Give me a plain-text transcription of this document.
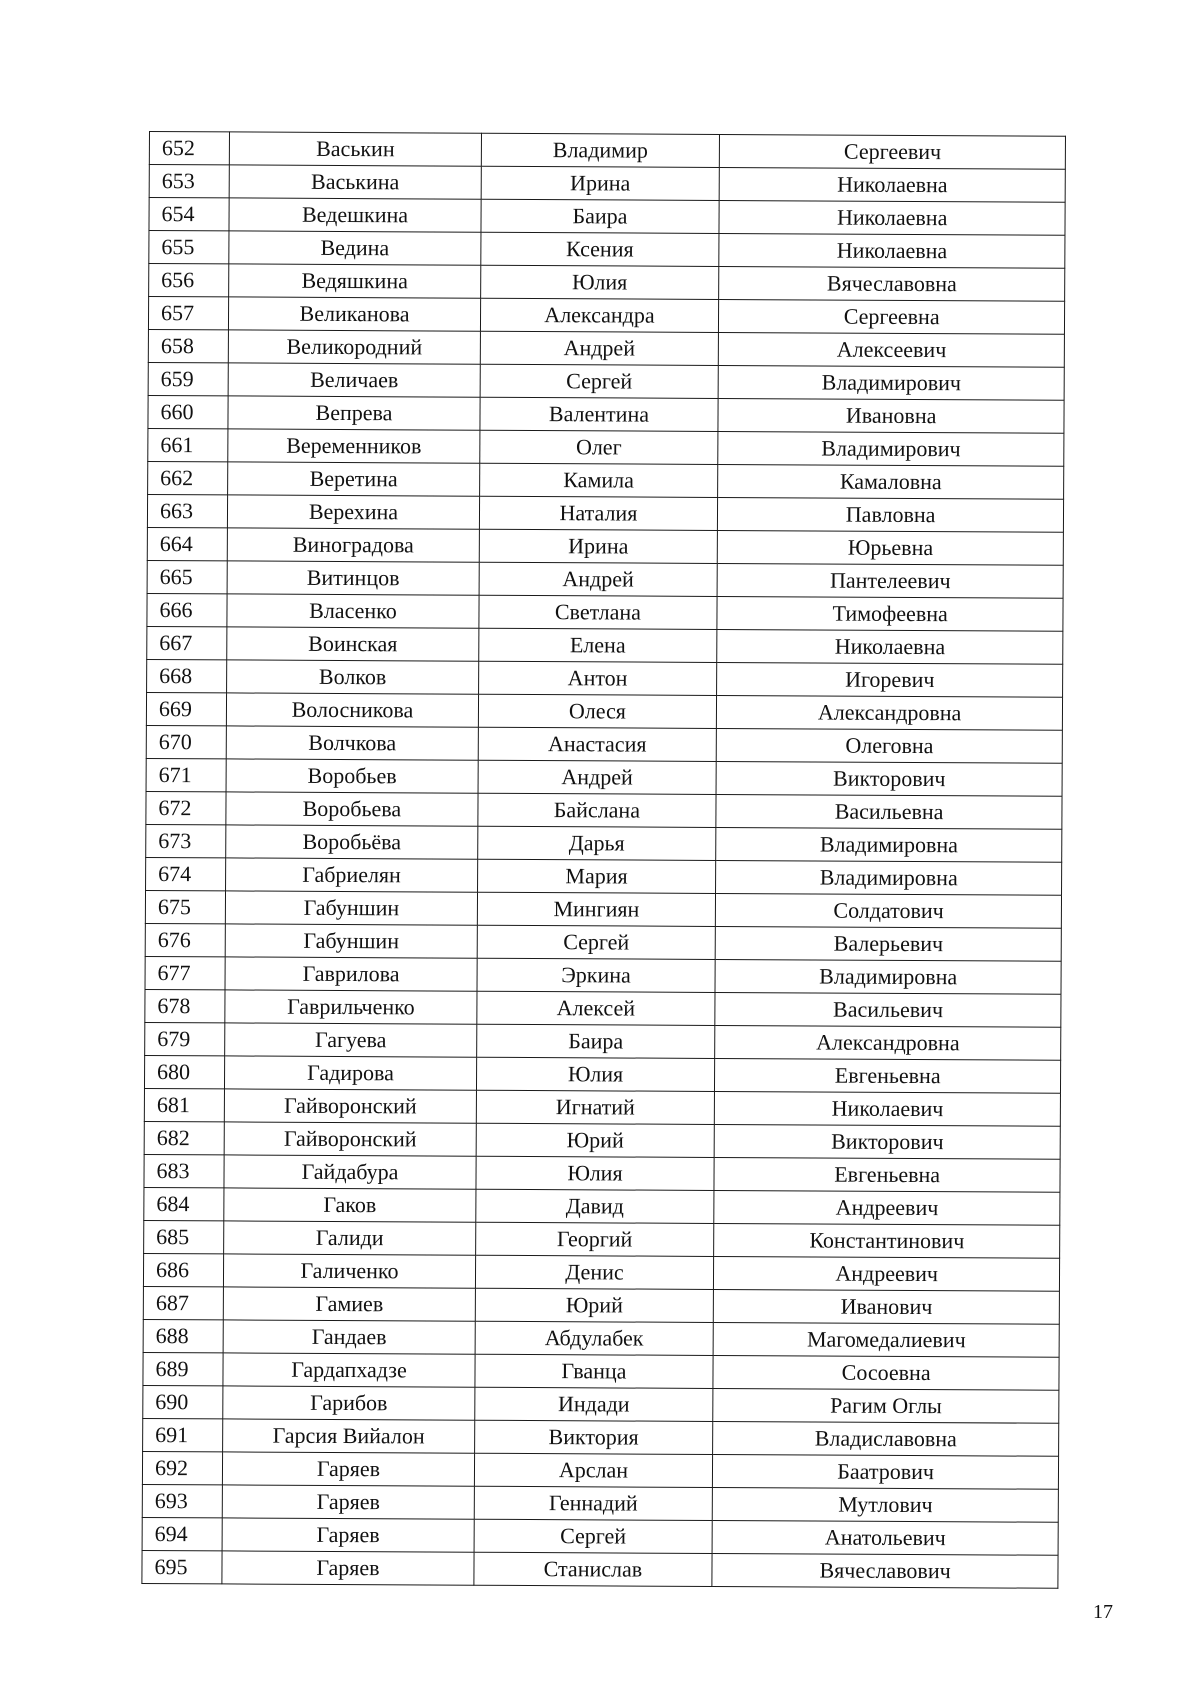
652	Васькин	Владимир	Сергеевич
653	Васькина	Ирина	Николаевна
654	Ведешкина	Баира	Николаевна
655	Ведина	Ксения	Николаевна
656	Ведяшкина	Юлия	Вячеславовна
657	Великанова	Александра	Сергеевна
658	Великородний	Андрей	Алексеевич
659	Величаев	Сергей	Владимирович
660	Вепрева	Валентина	Ивановна
661	Веременников	Олег	Владимирович
662	Веретина	Камила	Камаловна
663	Верехина	Наталия	Павловна
664	Виноградова	Ирина	Юрьевна
665	Витинцов	Андрей	Пантелеевич
666	Власенко	Светлана	Тимофеевна
667	Воинская	Елена	Николаевна
668	Волков	Антон	Игоревич
669	Волосникова	Олеся	Александровна
670	Волчкова	Анастасия	Олеговна
671	Воробьев	Андрей	Викторович
672	Воробьева	Байслана	Васильевна
673	Воробьёва	Дарья	Владимировна
674	Габриелян	Мария	Владимировна
675	Габуншин	Мингиян	Солдатович
676	Габуншин	Сергей	Валерьевич
677	Гаврилова	Эркина	Владимировна
678	Гаврильченко	Алексей	Васильевич
679	Гагуева	Баира	Александровна
680	Гадирова	Юлия	Евгеньевна
681	Гайворонский	Игнатий	Николаевич
682	Гайворонский	Юрий	Викторович
683	Гайдабура	Юлия	Евгеньевна
684	Гаков	Давид	Андреевич
685	Галиди	Георгий	Константинович
686	Галиченко	Денис	Андреевич
687	Гамиев	Юрий	Иванович
688	Гандаев	Абдулабек	Магомедалиевич
689	Гардапхадзе	Гванца	Сосоевна
690	Гарибов	Индади	Рагим Оглы
691	Гарсия Вийалон	Виктория	Владиславовна
692	Гаряев	Арслан	Баатрович
693	Гаряев	Геннадий	Мутлович
694	Гаряев	Сергей	Анатольевич
695	Гаряев	Станислав	Вячеславович
17
